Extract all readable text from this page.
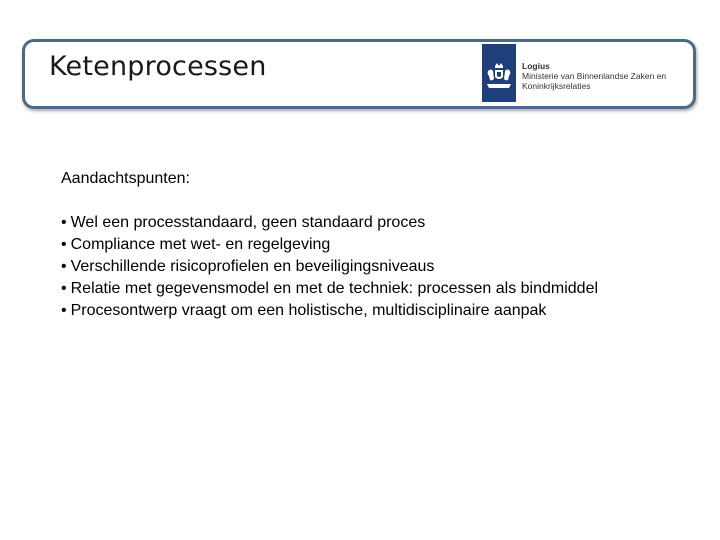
Ketenprocessen	Logius
Ministerie van Binnenlandse Zaken en
Koninkrijksrelaties

Aandachtspunten:

• Wel een processtandaard, geen standaard proces
• Compliance met wet- en regelgeving
• Verschillende risicoprofielen en beveiligingsniveaus
• Relatie met gegevensmodel en met de techniek: processen als bindmiddel
• Procesontwerp vraagt om een holistische, multidisciplinaire aanpak
